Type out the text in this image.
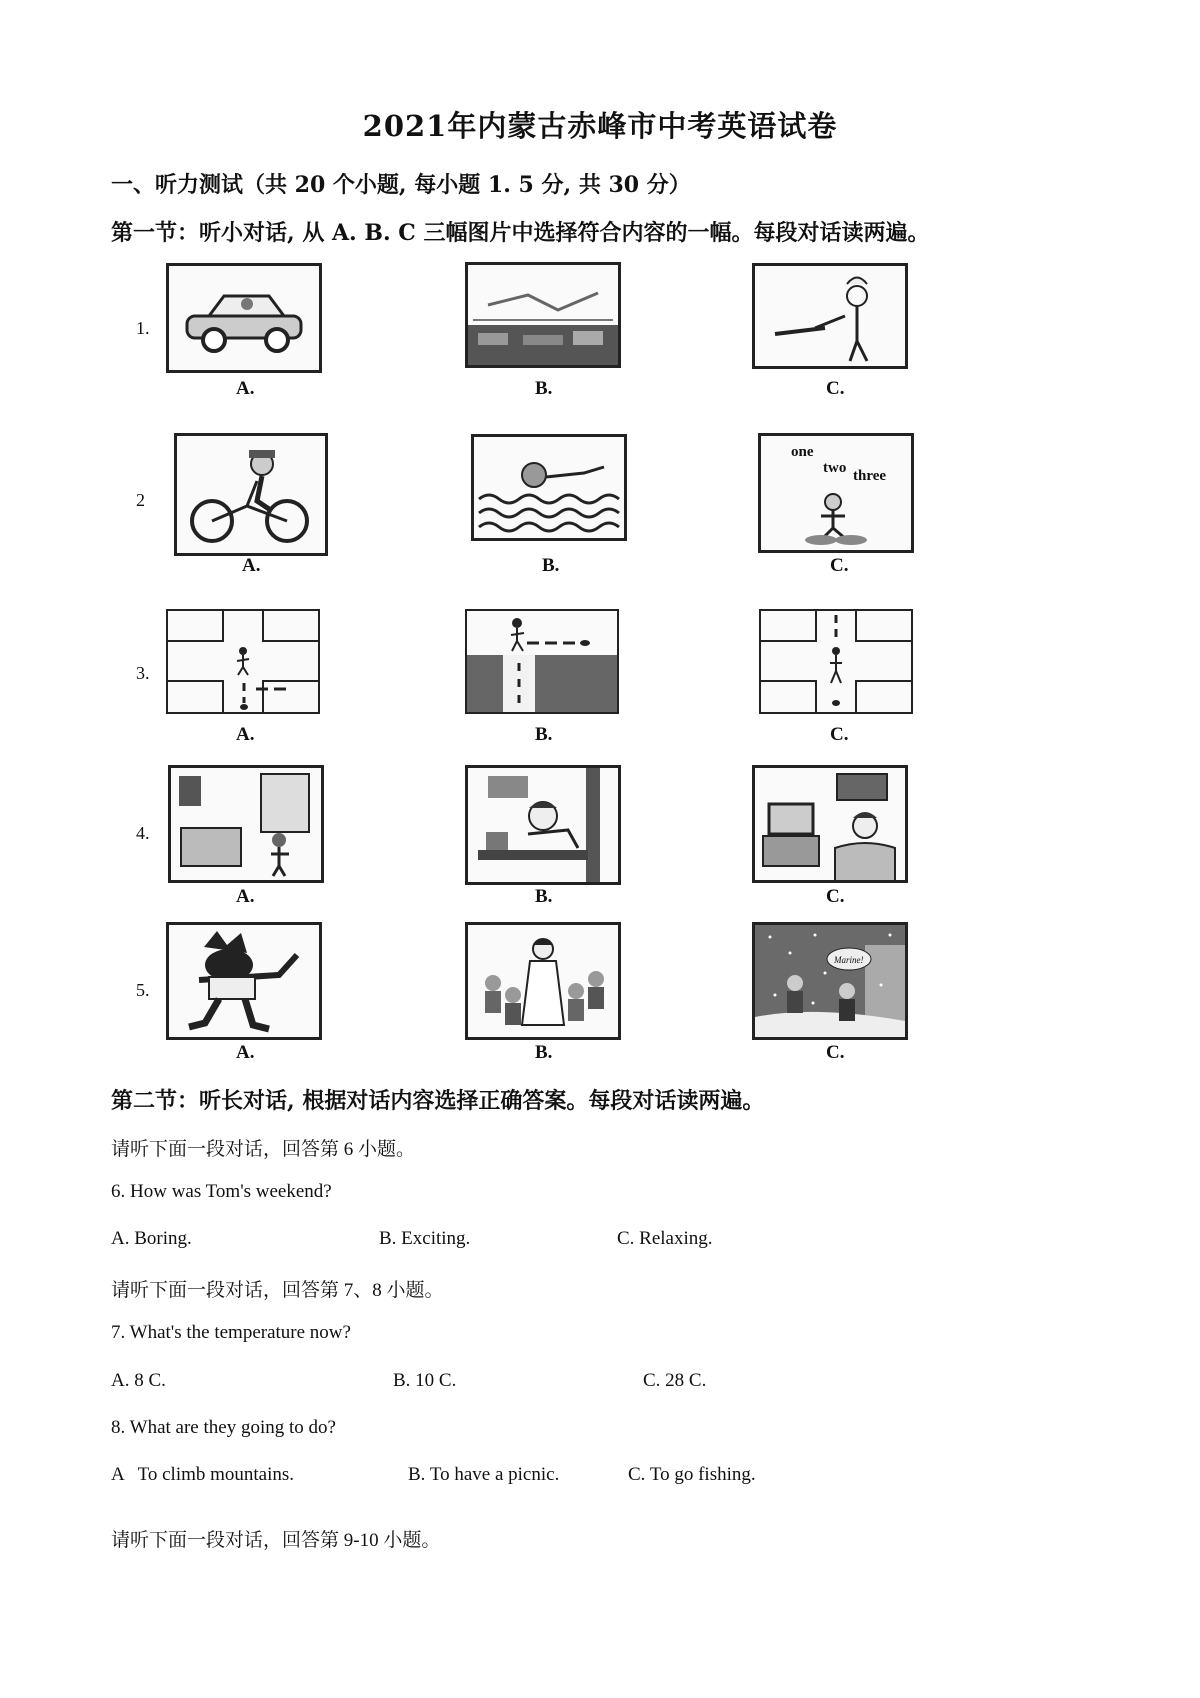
2021年内蒙古赤峰市中考英语试卷
一、听力测试（共 20 个小题, 每小题 1. 5 分, 共 30 分）
第一节：听小对话, 从 A. B. C 三幅图片中选择符合内容的一幅。每段对话读两遍。
1.
A.	B.	C.
2
A.	B.
one
two three
C.
3.
A.	B.	C.
4.
A.	B.	C.
5.
A.	B.
Marine!
C.
第二节：听长对话, 根据对话内容选择正确答案。每段对话读两遍。
请听下面一段对话，回答第 6 小题。
6. How was Tom's weekend?
A. Boring.	B. Exciting.	C. Relaxing.
请听下面一段对话，回答第 7、8 小题。
7. What's the temperature now?
A. 8 C.	B. 10 C.	C. 28 C.
8. What are they going to do?
A   To climb mountains.	B. To have a picnic.	C. To go fishing.
请听下面一段对话，回答第 9-10 小题。
